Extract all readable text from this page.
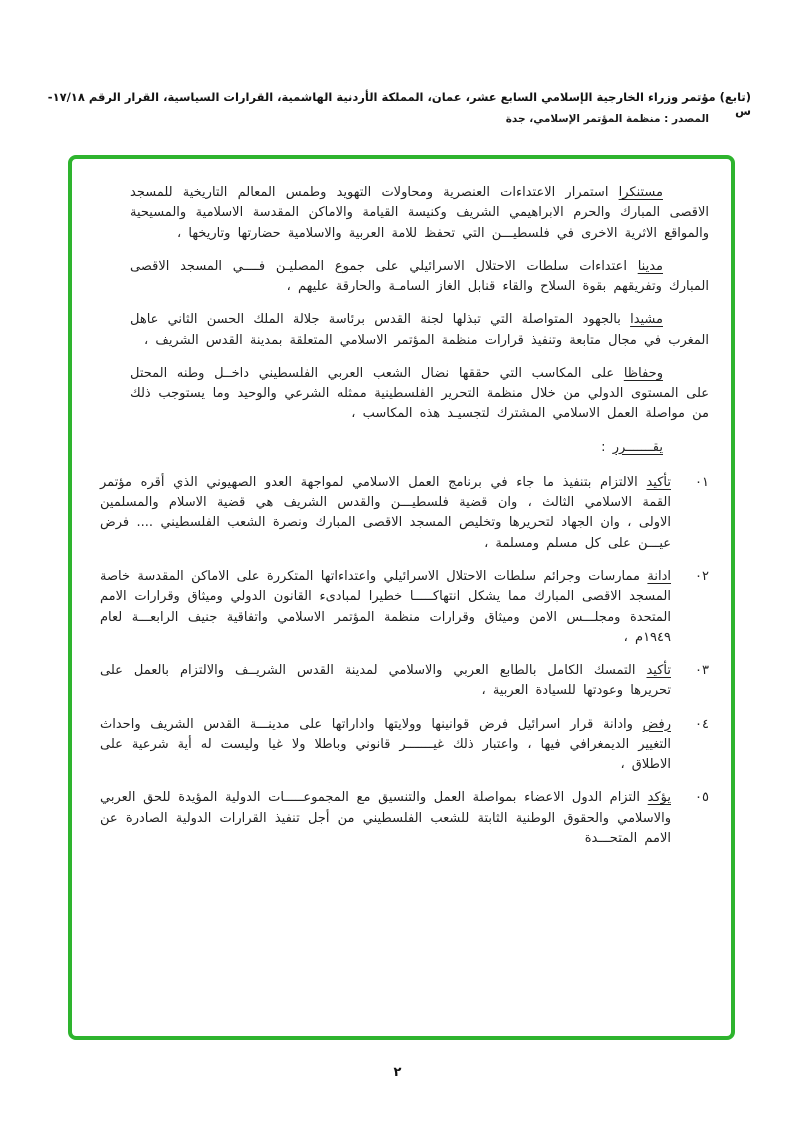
(تابع) مؤتمر وزراء الخارجية الإسلامي السابع عشر، عمان، المملكة الأردنية الهاشمية، القرارات السياسية، القرار الرقم ١٧/١٨-س
المصدر : منظمة المؤتمر الإسلامي، جدة

مستنكرا استمرار الاعتداءات العنصرية ومحاولات التهويد وطمس المعالم التاريخية للمسجد الاقصى المبارك والحرم الابراهيمي الشريف وكنيسة القيامة والاماكن المقدسة الاسلامية والمسيحية والمواقع الاثرية الاخرى في فلسطيـــن التي تحفظ للامة العربية والاسلامية حضارتها وتاريخها ،

مدينا اعتداءات سلطات الاحتلال الاسرائيلي على جموع المصليـن فــــي المسجد الاقصى المبارك وتفريقهم بقوة السلاح والقاء قنابل الغاز السامـة والحارقة عليهم ،

مشيدا بالجهود المتواصلة التي تبذلها لجنة القدس برئاسة جلالة الملك الحسن الثاني عاهل المغرب في مجال متابعة وتنفيذ قرارات منظمة المؤتمر الاسلامي المتعلقة بمدينة القدس الشريف ،

وحفاظا على المكاسب التي حققها نضال الشعب العربي الفلسطيني داخــل وطنه المحتل على المستوى الدولي من خلال منظمة التحرير الفلسطينية ممثله الشرعي والوحيد وما يستوجب ذلك من مواصلة العمل الاسلامي المشترك لتجسيـد هذه المكاسب ،

يقـــــــرر :

٠١
تأكيد الالتزام بتنفيذ ما جاء في برنامج العمل الاسلامي لمواجهة العدو الصهيوني الذي أقره مؤتمر القمة الاسلامي الثالث ، وان قضية فلسطيـــن والقدس الشريف هي قضية الاسلام والمسلمين الاولى ، وان الجهاد لتحريرها وتخليص المسجد الاقصى المبارك ونصرة الشعب الفلسطيني .... فرض عيـــن على كل مسلم ومسلمة ،
٠٢
ادانة ممارسات وجرائم سلطات الاحتلال الاسرائيلي واعتداءاتها المتكررة على الاماكن المقدسة خاصة المسجد الاقصى المبارك مما يشكل انتهاكـــــا خطيرا لمبادىء القانون الدولي وميثاق وقرارات الامم المتحدة ومجلـــس الامن وميثاق وقرارات منظمة المؤتمر الاسلامي واتفاقية جنيف الرابعـــة لعام ١٩٤٩م ،
٠٣
تأكيد التمسك الكامل بالطابع العربي والاسلامي لمدينة القدس الشريــف والالتزام بالعمل على تحريرها وعودتها للسيادة العربية ،
٠٤
رفض وادانة قرار اسرائيل فرض قوانينها وولايتها واداراتها على مدينـــة القدس الشريف واحداث التغيير الديمغرافي فيها ، واعتبار ذلك غيـــــــر قانوني وباطلا ولا غيا وليست له أية شرعية على الاطلاق ،
٠٥
يؤكد التزام الدول الاعضاء بمواصلة العمل والتنسيق مع المجموعـــــات الدولية المؤيدة للحق العربي والاسلامي والحقوق الوطنية الثابتة للشعب الفلسطيني من أجل تنفيذ القرارات الدولية الصادرة عن الامم المتحـــدة
٢
